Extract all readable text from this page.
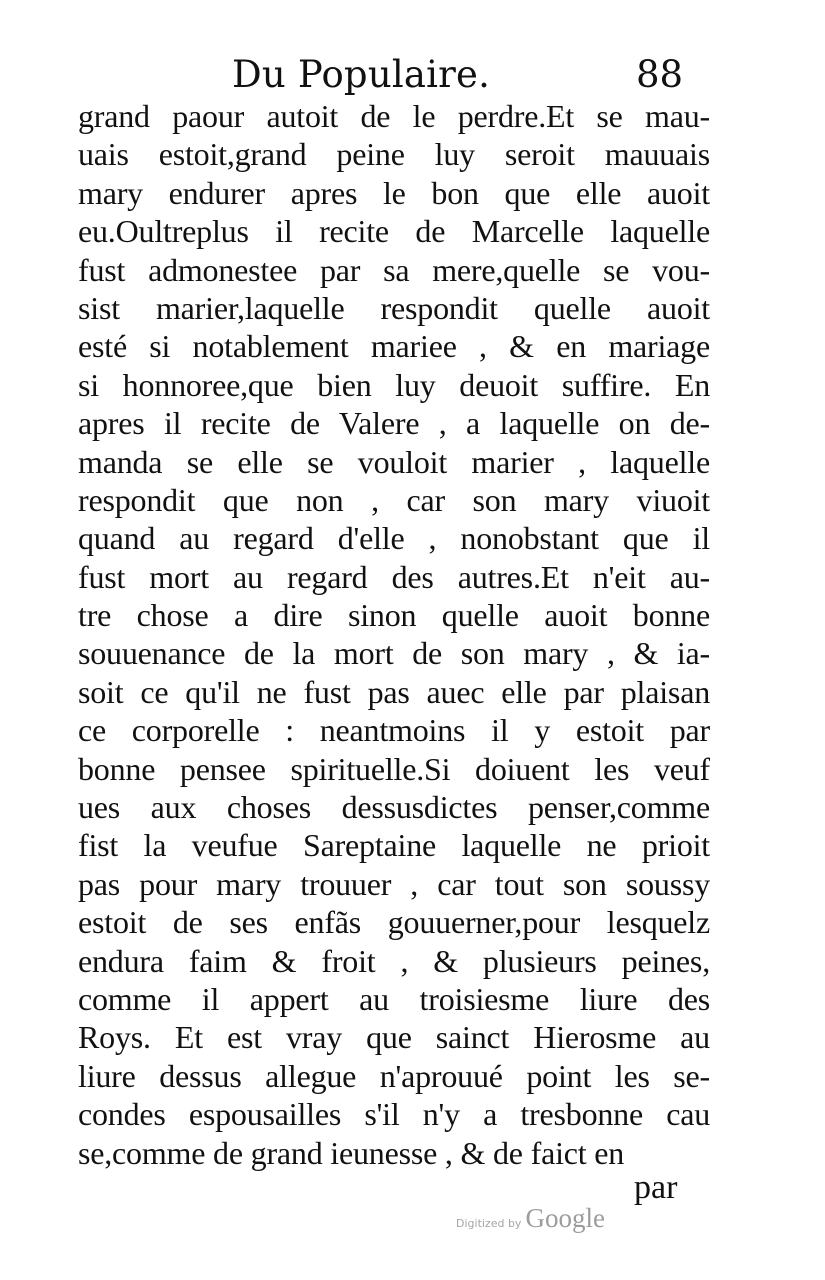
Du Populaire.	88
grand paour autoit de le perdre.Et se mau-
uais estoit,grand peine luy seroit mauuais
mary endurer apres le bon que elle auoit
eu.Oultreplus il recite de Marcelle laquelle
fust admonestee par sa mere,quelle se vou-
sist marier,laquelle respondit quelle auoit
esté si notablement mariee , & en mariage
si honnoree,que bien luy deuoit suffire. En
apres il recite de Valere , a laquelle on de-
manda se elle se vouloit marier , laquelle
respondit que non , car son mary viuoit
quand au regard d'elle , nonobstant que il
fust mort au regard des autres.Et n'eit au-
tre chose a dire sinon quelle auoit bonne
souuenance de la mort de son mary , & ia-
soit ce qu'il ne fust pas auec elle par plaisan
ce corporelle : neantmoins il y estoit par
bonne pensee spirituelle.Si doiuent les veuf
ues aux choses dessusdictes penser,comme
fist la veufue Sareptaine laquelle ne prioit
pas pour mary trouuer , car tout son soussy
estoit de ses enfãs gouuerner,pour lesquelz
endura faim & froit , & plusieurs peines,
comme il appert au troisiesme liure des
Roys. Et est vray que sainct Hierosme au
liure dessus allegue n'aprouué point les se-
condes espousailles s'il n'y a tresbonne cau
se,comme de grand ieunesse , & de faict en
par
Digitized by Google
